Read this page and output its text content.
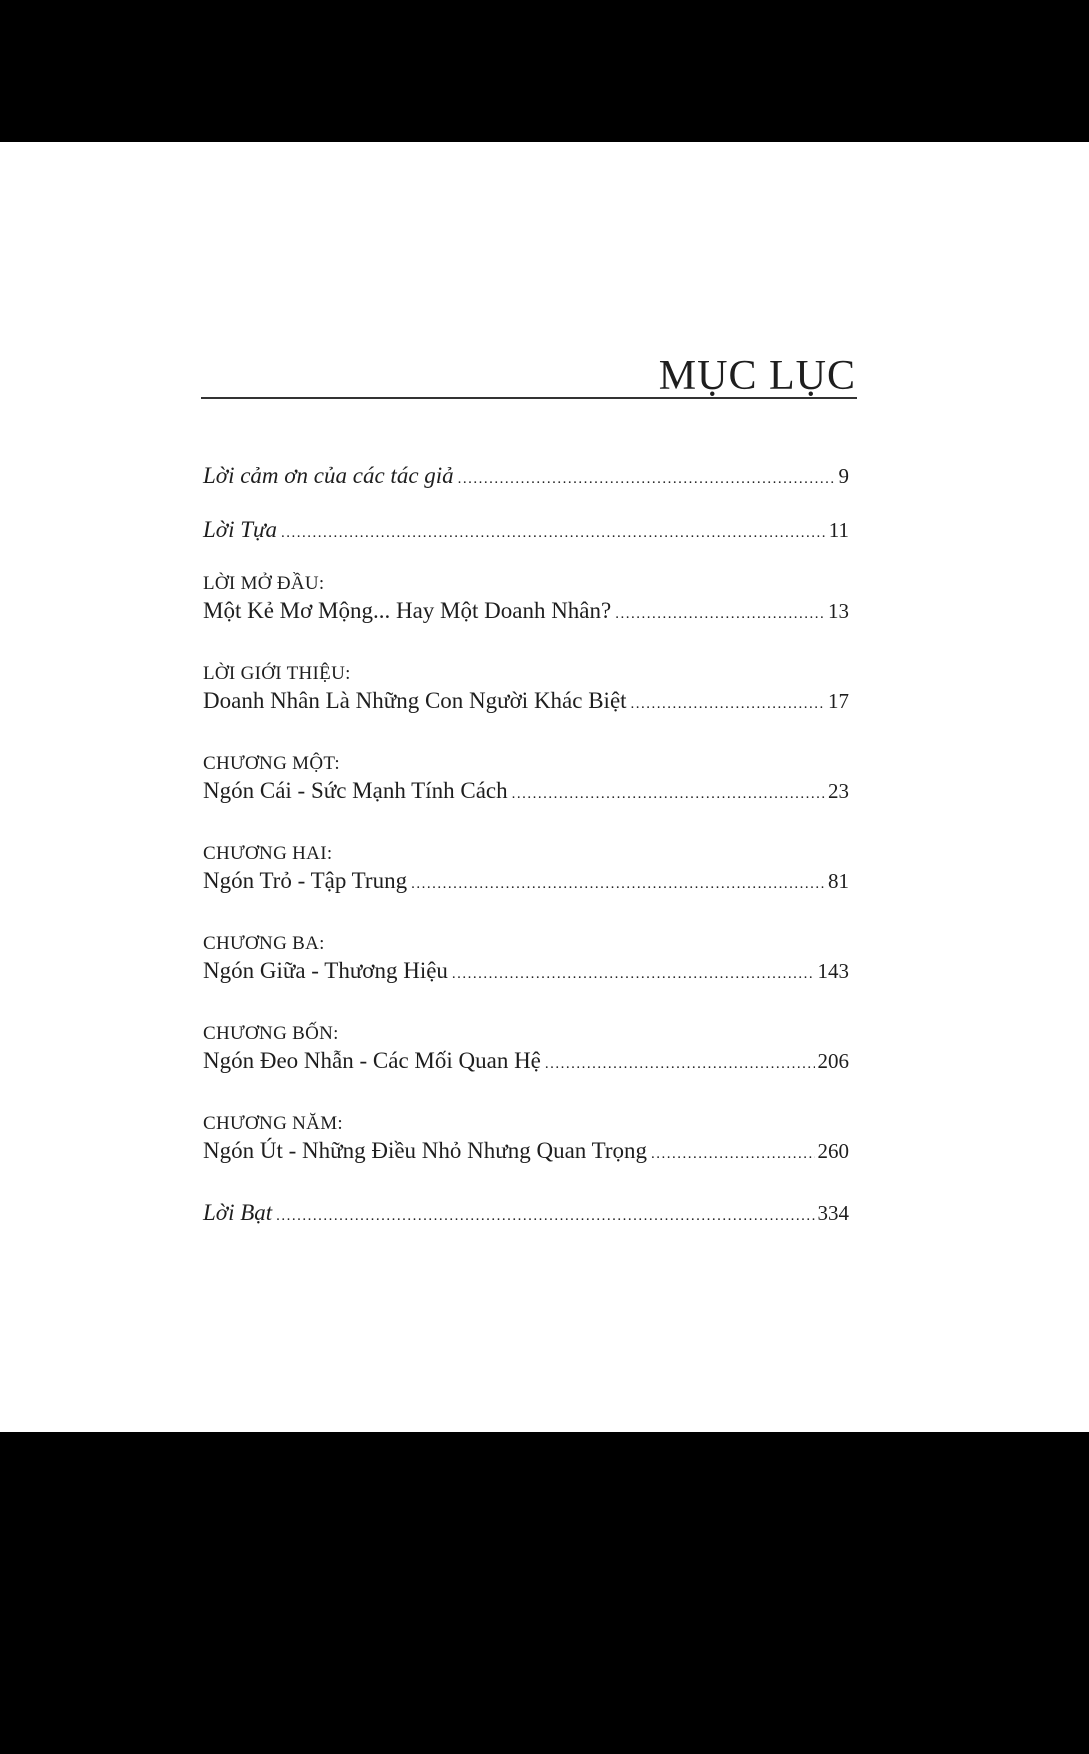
MỤC LỤC
Lời cảm ơn của các tác giả .....	9
Lời Tựa .....	11
LỜI MỞ ĐẦU:
Một Kẻ Mơ Mộng... Hay Một Doanh Nhân? .....	13
LỜI GIỚI THIỆU:
Doanh Nhân Là Những Con Người Khác Biệt .....	17
CHƯƠNG MỘT:
Ngón Cái - Sức Mạnh Tính Cách .....	23
CHƯƠNG HAI:
Ngón Trỏ - Tập Trung .....	81
CHƯƠNG BA:
Ngón Giữa - Thương Hiệu .....	143
CHƯƠNG BỐN:
Ngón Đeo Nhẫn - Các Mối Quan Hệ .....	206
CHƯƠNG NĂM:
Ngón Út - Những Điều Nhỏ Nhưng Quan Trọng .....	260
Lời Bạt .....	334
